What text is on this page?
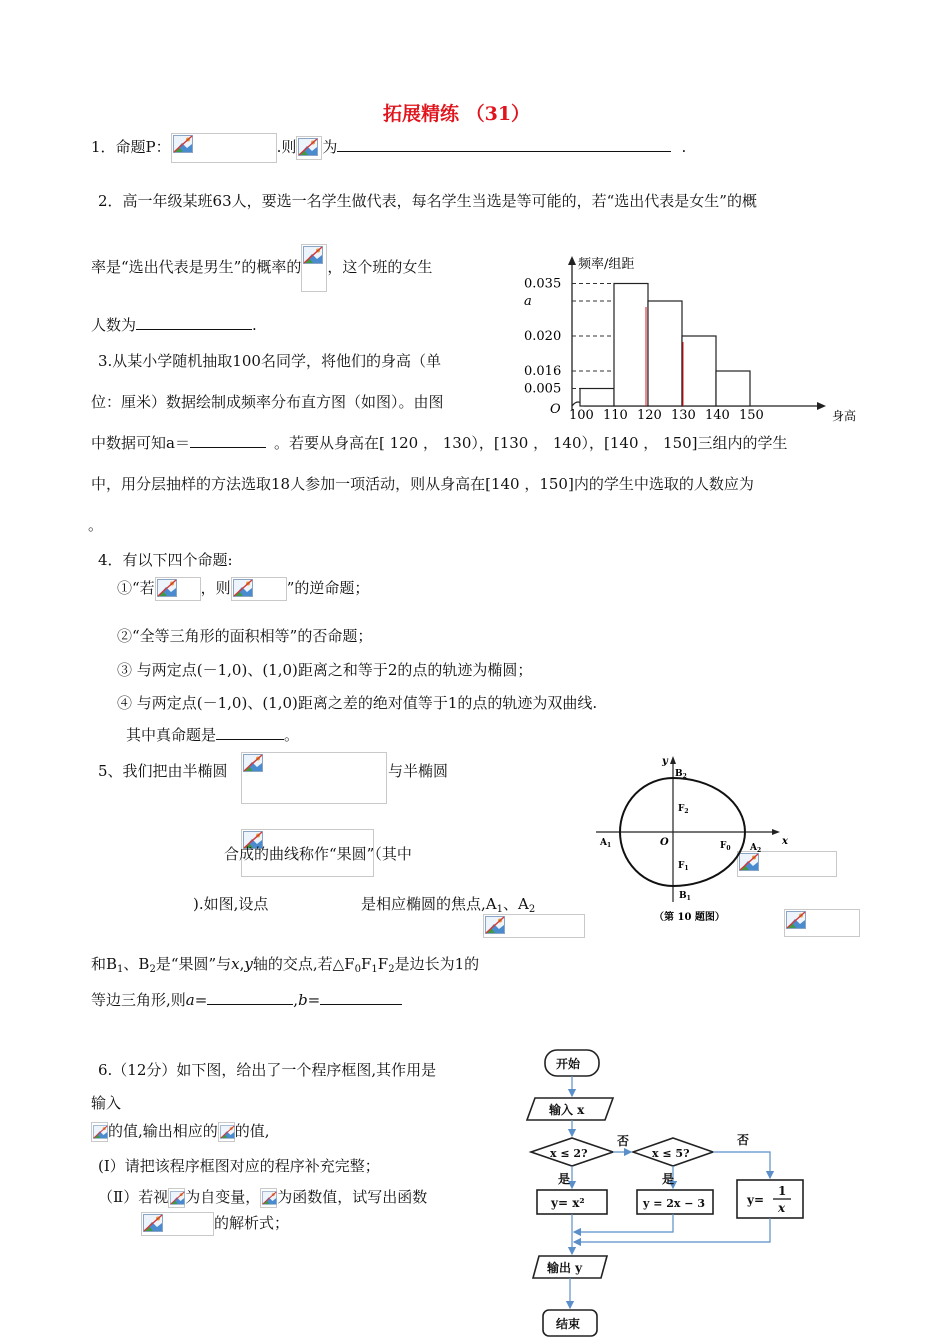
拓展精练 （31）
1．命题P：	.则 为	.
2．高一年级某班63人，要选一名学生做代表，每名学生当选是等可能的，若“选出代表是女生”的概
率是“选出代表是男生”的概率的 ，这个班的女生
人数为	.
3.从某小学随机抽取100名同学，将他们的身高（单
位：厘米）数据绘制成频率分布直方图（如图）。由图
中数据可知a＝	。若要从身高在[ 120 ， 130），[130 ， 140），[140 ， 150]三组内的学生
中，用分层抽样的方法选取18人参加一项活动，则从身高在[140 ，150]内的学生中选取的人数应为
。
频率/组距
O	身高
0.035
a
0.020
0.016
0.005
100 110 120 130 140 150
4．有以下四个命题:
①“若	，则	”的逆命题；
②“全等三角形的面积相等”的否命题；
③ 与两定点(－1,0)、(1,0)距离之和等于2的点的轨迹为椭圆；
④ 与两定点(－1,0)、(1,0)距离之差的绝对值等于1的点的轨迹为双曲线.
其中真命题是	。
5、我们把由半椭圆
	与半椭圆

合成的曲线称作“果圆”（其中

).如图,设点	是相应椭圆的焦点$,A_1$、$A_2$
和$B_1$、$B_2$是“果圆”与x,y轴的交点,若$\triangle F_0F_1F_2$是边长为1的
等边三角形,则a=	,b=
y
x
O
$B_2$
$B_1$
$A_1$	$A_2$
$F_2$
$F_1$
$F_0$
（第 10 题图）
6.（12分）如下图，给出了一个程序框图,其作用是
输入
的值,输出相应的 的值,
(I）请把该程序框图对应的程序补充完整；
（Ⅱ）若视 为自变量， 为函数值，试写出函数
的解析式；
开始
输入 x
x ≤ 2?	x ≤ 5?
是	是
否	否
y= x²	y = 2x − 3	y=
1
x
输出 y
结束
